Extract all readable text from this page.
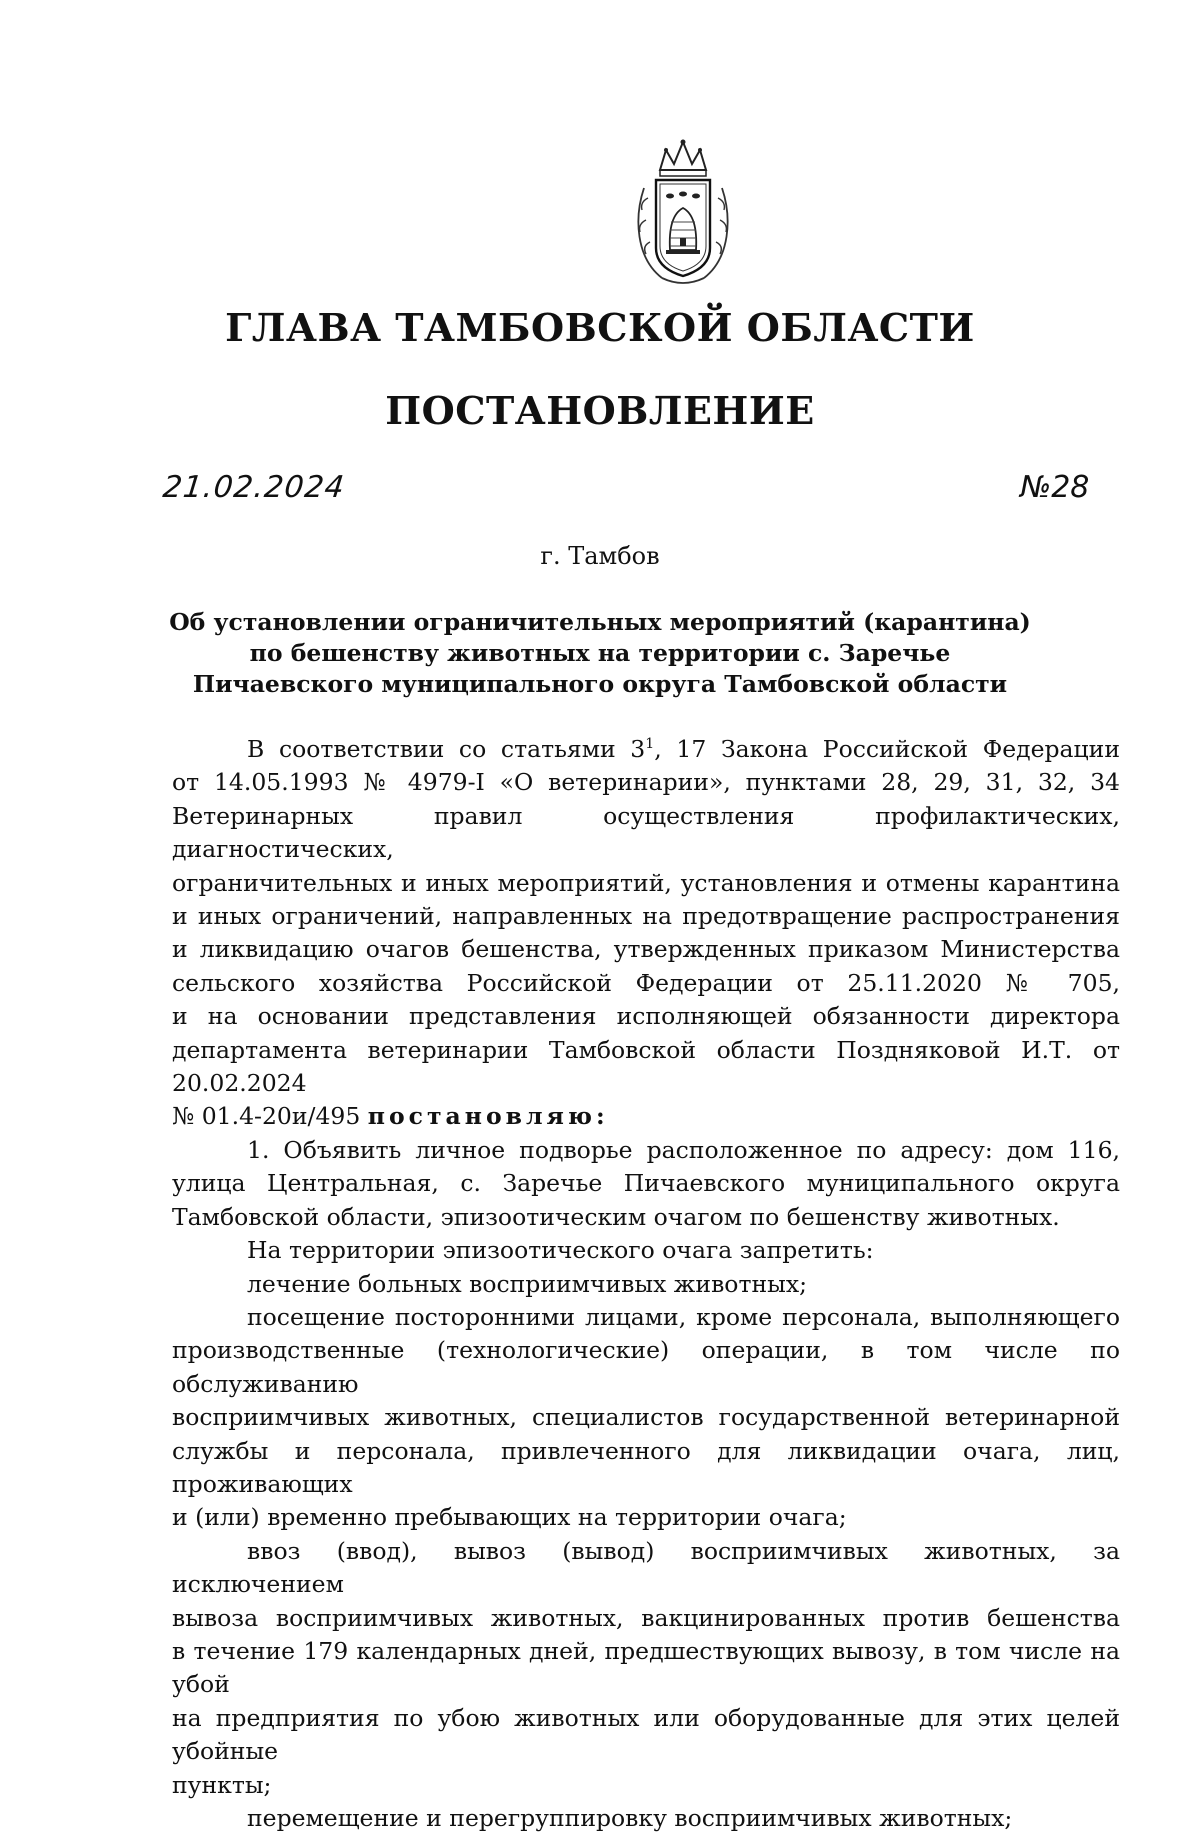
ГЛАВА ТАМБОВСКОЙ ОБЛАСТИ
ПОСТАНОВЛЕНИЕ
21.02.2024	№28
г. Тамбов
Об установлении ограничительных мероприятий (карантина)
по бешенству животных на территории с. Заречье
Пичаевского муниципального округа Тамбовской области

В соответствии со статьями $3^1$, 17 Закона Российской Федерации

от 14.05.1993 № 4979-I «О ветеринарии», пунктами 28, 29, 31, 32, 34

Ветеринарных правил осуществления профилактических, диагностических,

ограничительных и иных мероприятий, установления и отмены карантина

и иных ограничений, направленных на предотвращение распространения

и ликвидацию очагов бешенства, утвержденных приказом Министерства

сельского хозяйства Российской Федерации от 25.11.2020 № 705,

и на основании представления исполняющей обязанности директора

департамента ветеринарии Тамбовской области Поздняковой И.Т. от 20.02.2024

№ 01.4-20и/495 постановляю:

1. Объявить личное подворье расположенное по адресу: дом 116,

улица Центральная, с. Заречье Пичаевского муниципального округа

Тамбовской области, эпизоотическим очагом по бешенству животных.

На территории эпизоотического очага запретить:

лечение больных восприимчивых животных;

посещение посторонними лицами, кроме персонала, выполняющего

производственные (технологические) операции, в том числе по обслуживанию

восприимчивых животных, специалистов государственной ветеринарной

службы и персонала, привлеченного для ликвидации очага, лиц, проживающих

и (или) временно пребывающих на территории очага;

ввоз (ввод), вывоз (вывод) восприимчивых животных, за исключением

вывоза восприимчивых животных, вакцинированных против бешенства

в течение 179 календарных дней, предшествующих вывозу, в том числе на убой

на предприятия по убою животных или оборудованные для этих целей убойные

пункты;

перемещение и перегруппировку восприимчивых животных;
